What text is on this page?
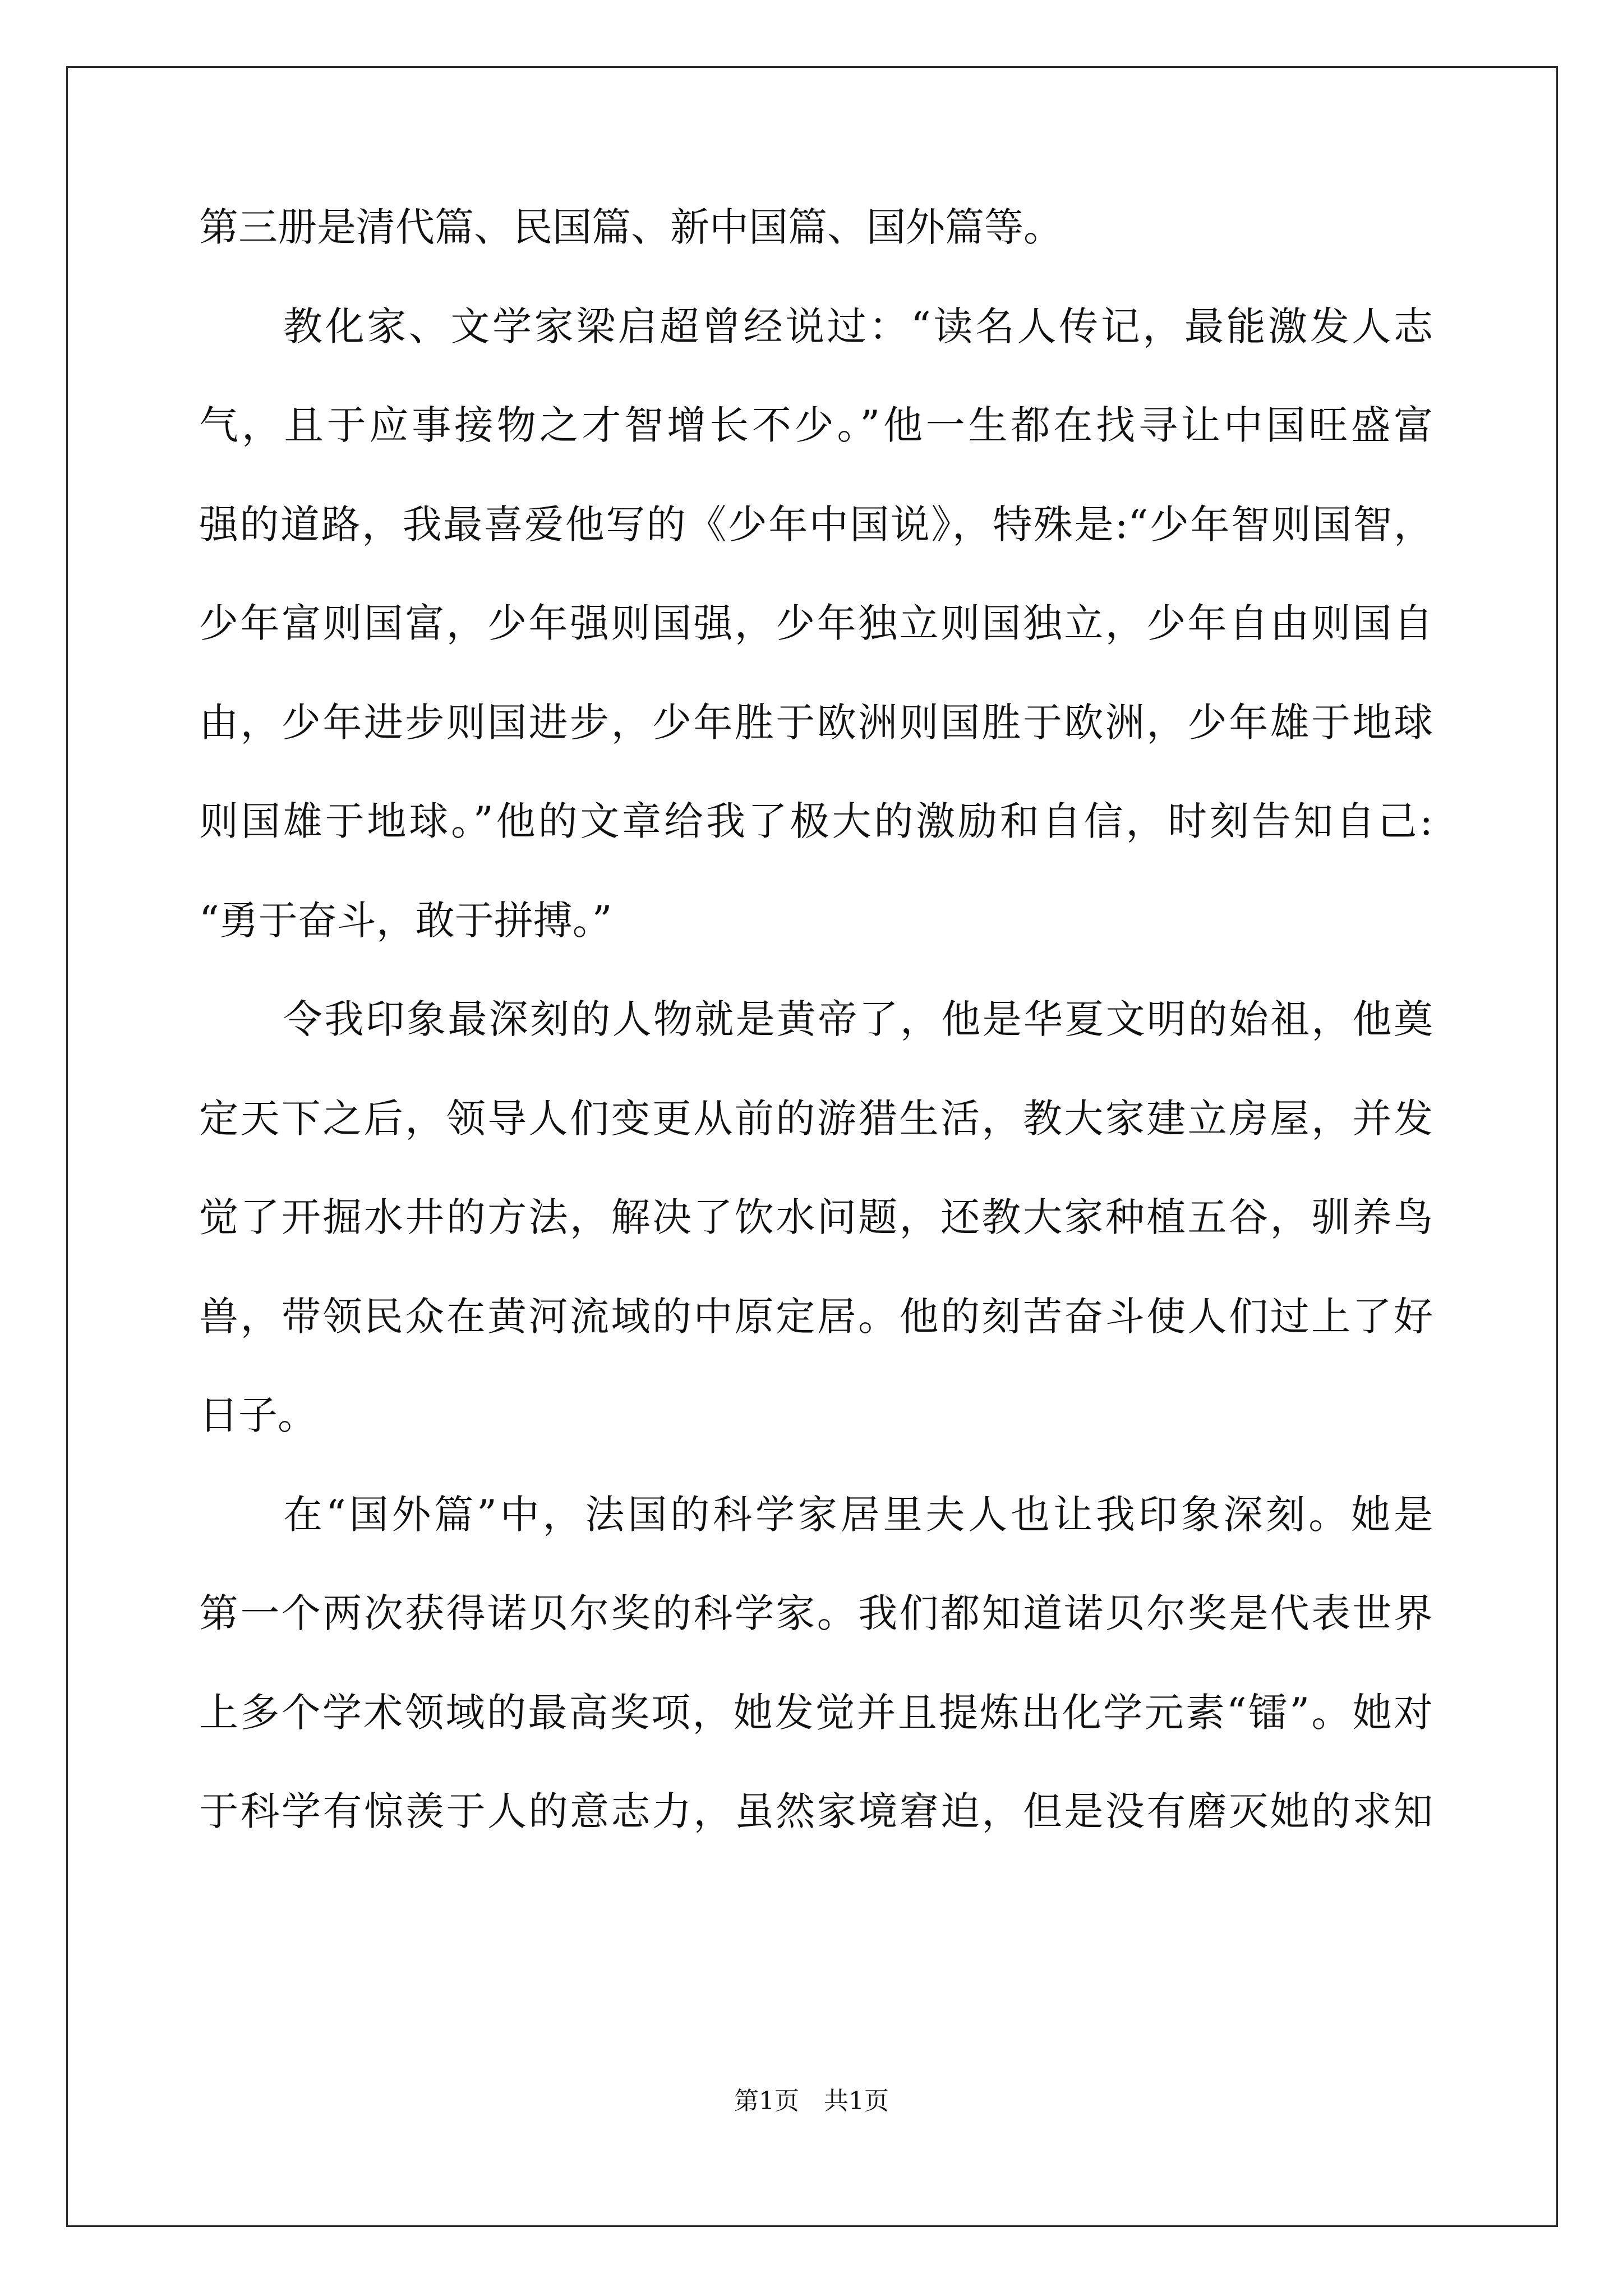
第三册是清代篇、民国篇、新中国篇、国外篇等。
教化家、文学家梁启超曾经说过：“读名人传记，最能激发人志
气，且于应事接物之才智增长不少。”他一生都在找寻让中国旺盛富
强的道路，我最喜爱他写的《少年中国说》，特殊是:“少年智则国智，
少年富则国富，少年强则国强，少年独立则国独立，少年自由则国自
由，少年进步则国进步，少年胜于欧洲则国胜于欧洲，少年雄于地球
则国雄于地球。”他的文章给我了极大的激励和自信，时刻告知自己:
“勇于奋斗，敢于拼搏。”
令我印象最深刻的人物就是黄帝了，他是华夏文明的始祖，他奠
定天下之后，领导人们变更从前的游猎生活，教大家建立房屋，并发
觉了开掘水井的方法，解决了饮水问题，还教大家种植五谷，驯养鸟
兽，带领民众在黄河流域的中原定居。他的刻苦奋斗使人们过上了好
日子。
在“国外篇”中，法国的科学家居里夫人也让我印象深刻。她是
第一个两次获得诺贝尔奖的科学家。我们都知道诺贝尔奖是代表世界
上多个学术领域的最高奖项，她发觉并且提炼出化学元素“镭”。她对
于科学有惊羡于人的意志力，虽然家境窘迫，但是没有磨灭她的求知
第1页　共1页
